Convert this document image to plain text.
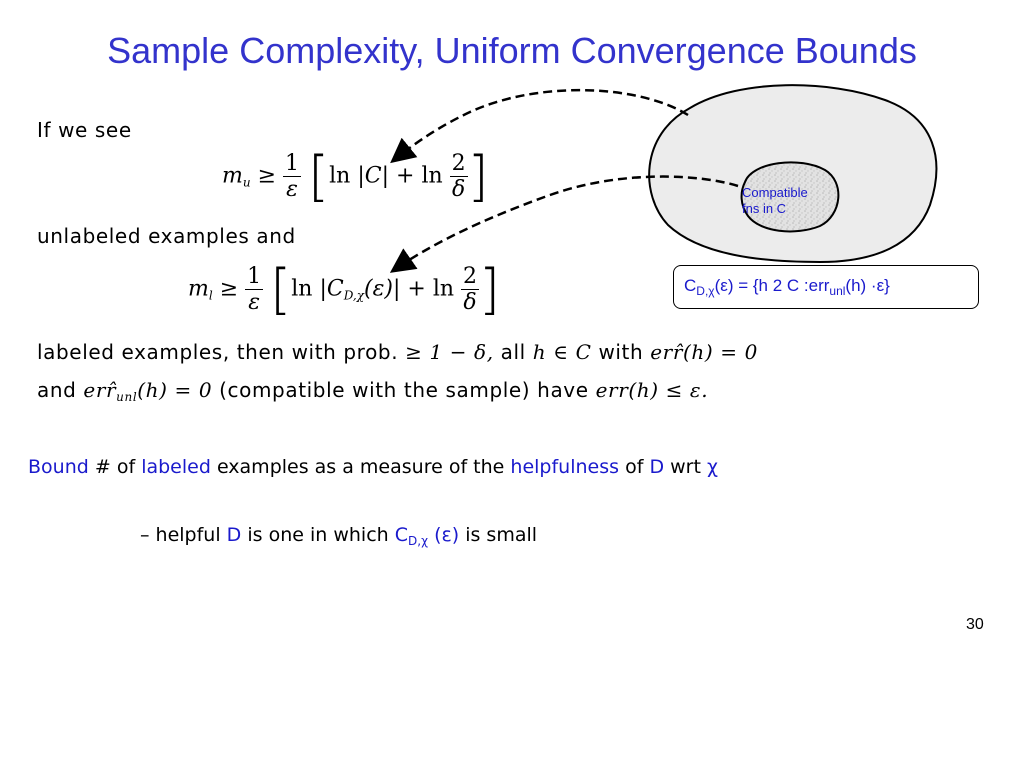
Sample Complexity, Uniform Convergence Bounds
Compatible
fns in C
$C_{D,\chi}(\varepsilon) = \{h$ 2 C :err$_{unl}$(h) ·ε}
If we see
$m_u \ge \frac{1}{\varepsilon} [\ln$ $|C| + \ln \frac{2}{\delta}$ ]
unlabeled examples and
$m_l \ge \frac{1}{\varepsilon} [\ln$ $|C_{D,\chi}(\varepsilon)| + \ln \frac{2}{\delta}$ ]
labeled examples, then with prob. ≥ 1 − δ, all h ∈ C with err̂(h) = 0
and $err̂_{unl}(h) = 0$ (compatible with the sample) have err(h) ≤ ε.
Bound # of labeled examples as a measure of the helpfulness of D wrt χ
– helpful D is one in which $C_{D,\chi}$ (ε) is small
30
